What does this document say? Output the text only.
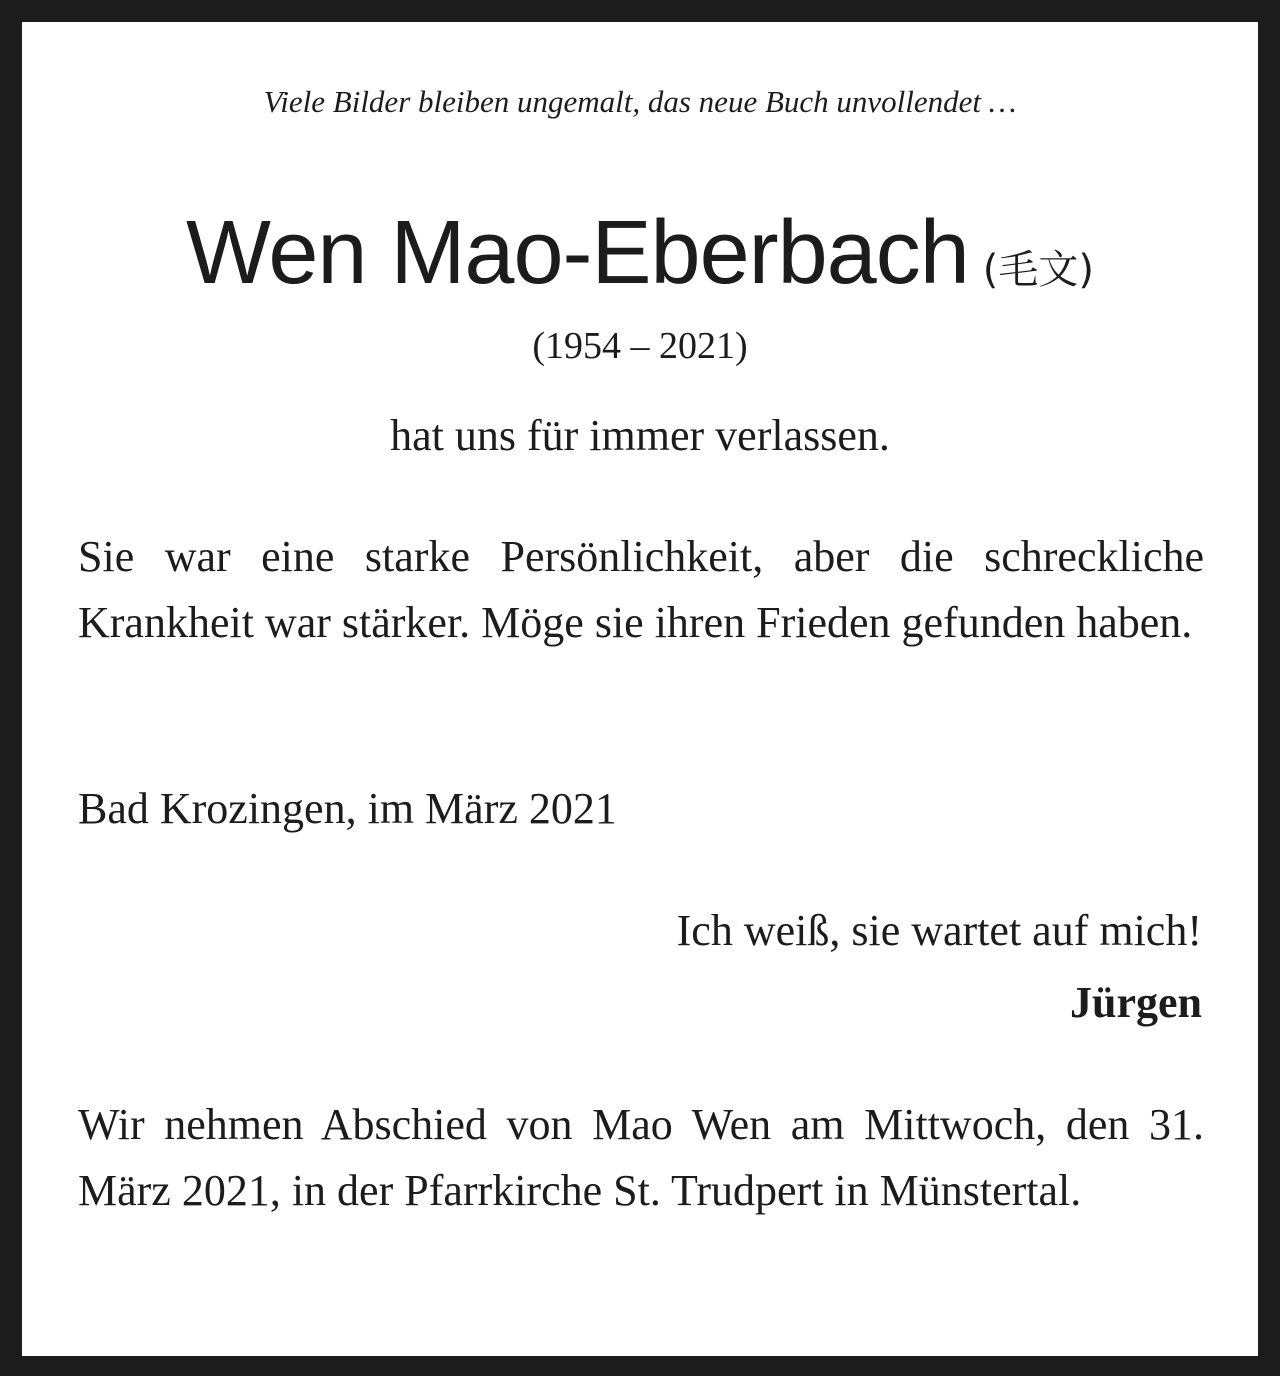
Viele Bilder bleiben ungemalt, das neue Buch unvollendet …
Wen Mao-Eberbach (毛文)
(1954 – 2021)
hat uns für immer verlassen.

Sie war eine starke Persönlichkeit, aber die schreckliche Krankheit war stärker. Möge sie ihren Frieden gefunden haben.

Bad Krozingen, im März 2021
Ich weiß, sie wartet auf mich!
Jürgen

Wir nehmen Abschied von Mao Wen am Mittwoch, den 31. März 2021, in der Pfarrkirche St. Trudpert in Münstertal.
